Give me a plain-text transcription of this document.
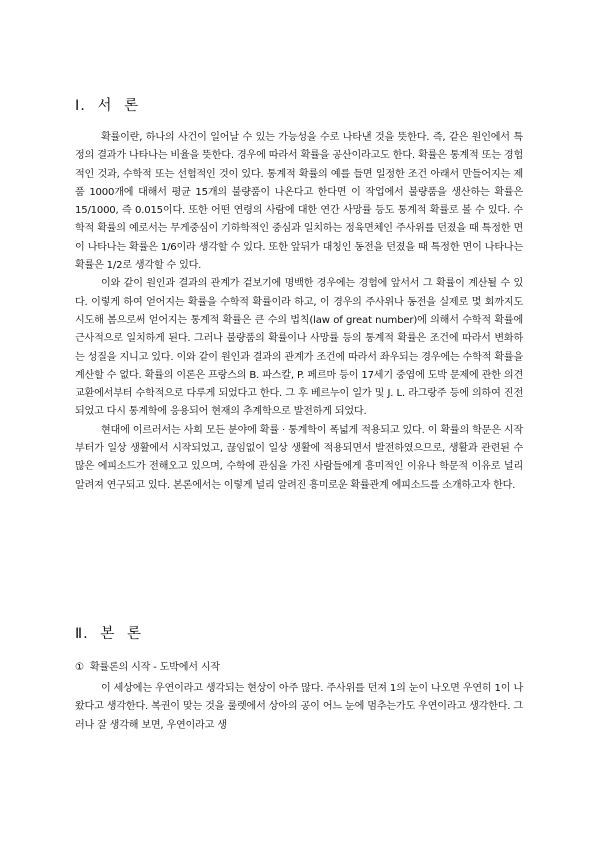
Ⅰ. 서 론

확률이란, 하나의 사건이 일어날 수 있는 가능성을 수로 나타낸 것을 뜻한다. 즉, 같은 원인에서 특정의 결과가 나타나는 비율을 뜻한다. 경우에 따라서 확률을 공산이라고도 한다. 확률은 통계적 또는 경험적인 것과, 수학적 또는 선험적인 것이 있다. 통계적 확률의 예를 들면 일정한 조건 아래서 만들어지는 제품 1000개에 대해서 평균 15개의 불량품이 나온다고 한다면 이 작업에서 불량품을 생산하는 확률은 15/1000, 즉 0.015이다. 또한 어떤 연령의 사람에 대한 연간 사망률 등도 통계적 확률로 볼 수 있다. 수학적 확률의 예로서는 무게중심이 기하학적인 중심과 일치하는 정육면체인 주사위를 던졌을 때 특정한 면이 나타나는 확률은 1/6이라 생각할 수 있다. 또한 앞뒤가 대칭인 동전을 던졌을 때 특정한 면이 나타나는 확률은 1/2로 생각할 수 있다.

이와 같이 원인과 결과의 관계가 겉보기에 명백한 경우에는 경험에 앞서서 그 확률이 계산될 수 있다. 이렇게 하여 얻어지는 확률을 수학적 확률이라 하고, 이 경우의 주사위나 동전을 실제로 몇 회까지도 시도해 봄으로써 얻어지는 통계적 확률은 큰 수의 법칙(law of great number)에 의해서 수학적 확률에 근사적으로 일치하게 된다. 그러나 불량품의 확률이나 사망률 등의 통계적 확률은 조건에 따라서 변화하는 성질을 지니고 있다. 이와 같이 원인과 결과의 관계가 조건에 따라서 좌우되는 경우에는 수학적 확률을 계산할 수 없다. 확률의 이론은 프랑스의 B. 파스칼, P. 페르마 등이 17세기 중엽에 도박 문제에 관한 의견 교환에서부터 수학적으로 다루게 되었다고 한다. 그 후 베르누이 일가 및 J. L. 라그랑주 등에 의하여 진전되었고 다시 통계학에 응용되어 현재의 추계학으로 발전하게 되었다.

현대에 이르러서는 사회 모든 분야에 확률 · 통계학이 폭넓게 적용되고 있다. 이 확률의 학문은 시작부터가 일상 생활에서 시작되었고, 끊임없이 일상 생활에 적용되면서 발전하였으므로, 생활과 관련된 수많은 에피소드가 전해오고 있으며, 수학에 관심을 가진 사람들에게 흥미적인 이유나 학문적 이유로 널리 알려져 연구되고 있다. 본론에서는 이렇게 널리 알려진 흥미로운 확률관계 에피소드를 소개하고자 한다.

Ⅱ. 본 론
① 확률론의 시작 - 도박에서 시작

이 세상에는 우연이라고 생각되는 현상이 아주 많다. 주사위를 던져 1의 눈이 나오면 우연히 1이 나왔다고 생각한다. 복권이 맞는 것을 룰렛에서 상아의 공이 어느 눈에 멈추는가도 우연이라고 생각한다. 그러나 잘 생각해 보면, 우연이라고 생
